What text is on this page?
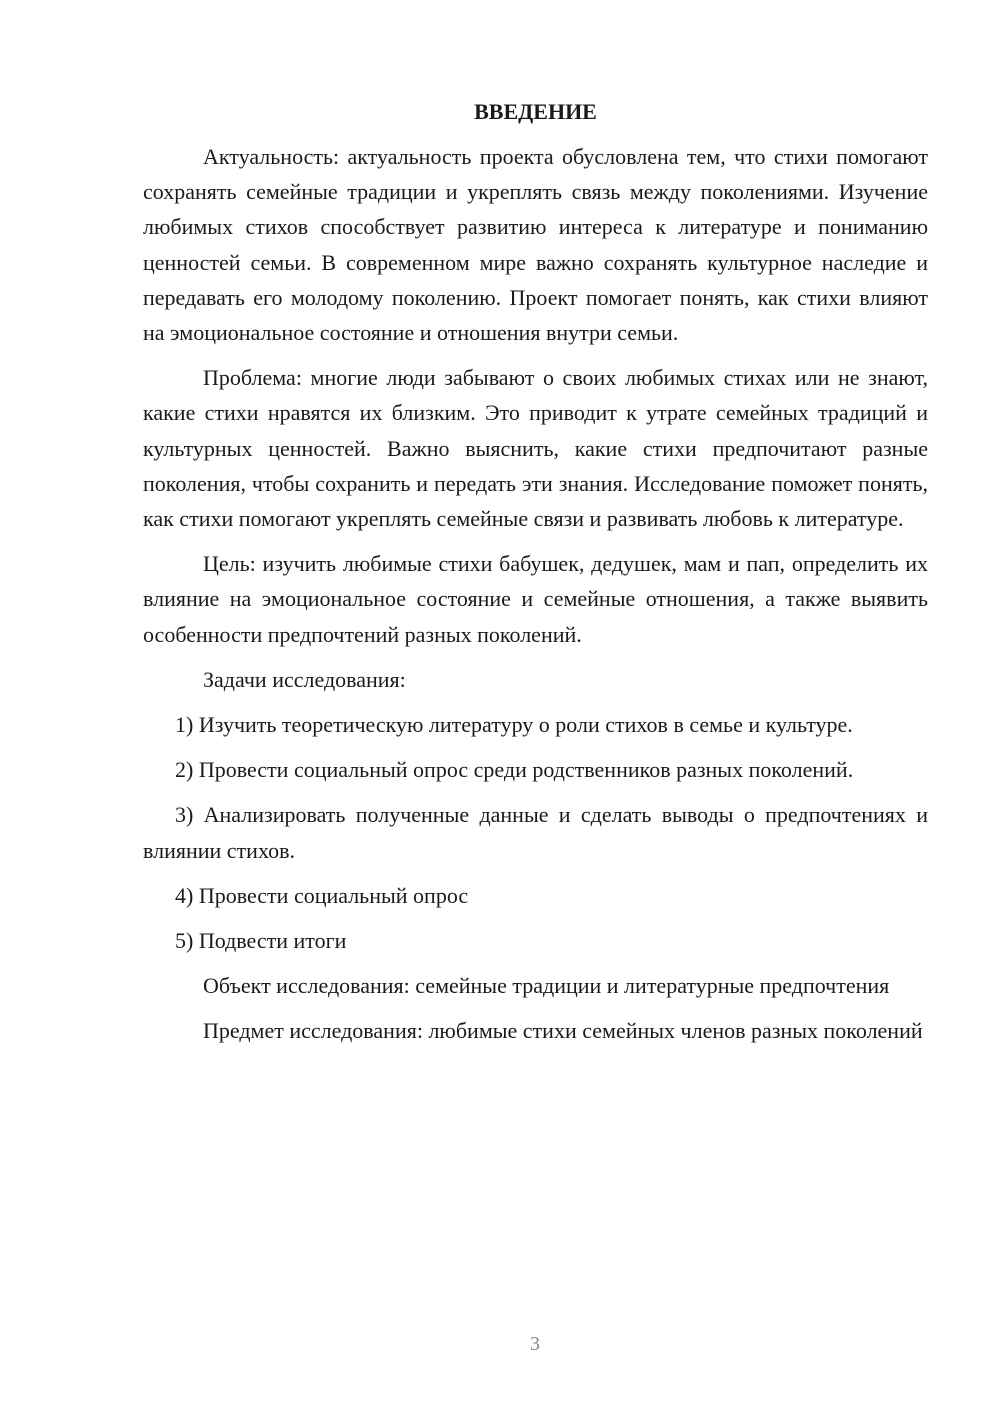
ВВЕДЕНИЕ

Актуальность: актуальность проекта обусловлена тем, что стихи помогают сохранять семейные традиции и укреплять связь между поколениями. Изучение любимых стихов способствует развитию интереса к литературе и пониманию ценностей семьи. В современном мире важно сохранять культурное наследие и передавать его молодому поколению. Проект помогает понять, как стихи влияют на эмоциональное состояние и отношения внутри семьи.

Проблема: многие люди забывают о своих любимых стихах или не знают, какие стихи нравятся их близким. Это приводит к утрате семейных традиций и культурных ценностей. Важно выяснить, какие стихи предпочитают разные поколения, чтобы сохранить и передать эти знания. Исследование поможет понять, как стихи помогают укреплять семейные связи и развивать любовь к литературе.

Цель: изучить любимые стихи бабушек, дедушек, мам и пап, определить их влияние на эмоциональное состояние и семейные отношения, а также выявить особенности предпочтений разных поколений.

Задачи исследования:

1) Изучить теоретическую литературу о роли стихов в семье и культуре.

2) Провести социальный опрос среди родственников разных поколений.

3) Анализировать полученные данные и сделать выводы о предпочтениях и влиянии стихов.

4) Провести социальный опрос

5) Подвести итоги

Объект исследования: семейные традиции и литературные предпочтения

Предмет исследования: любимые стихи семейных членов разных поколений

3
